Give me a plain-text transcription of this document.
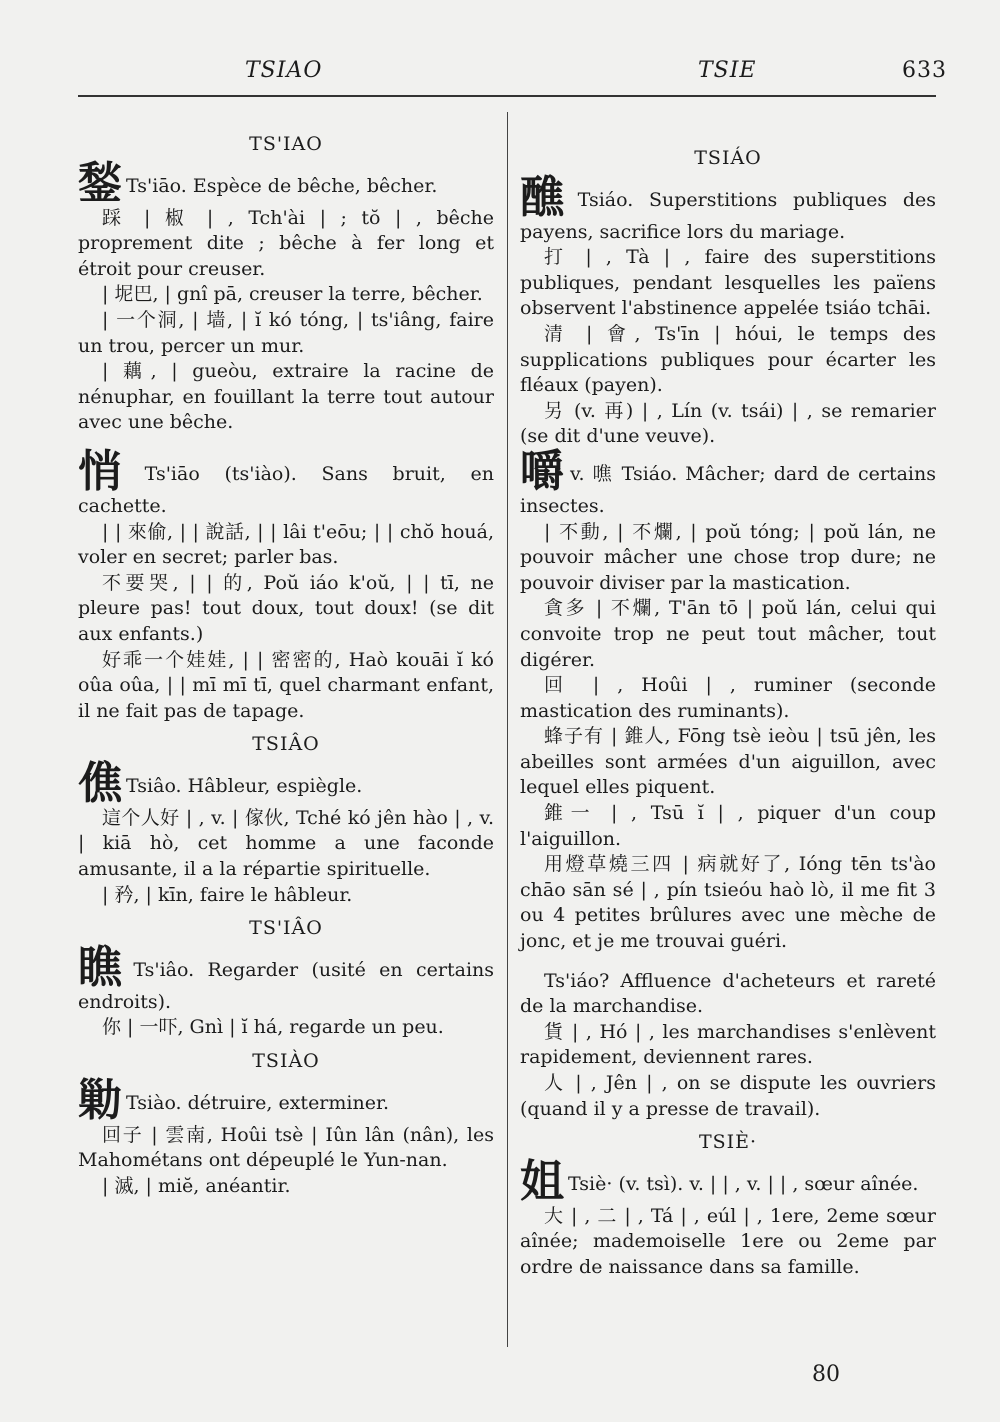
TSIAO	TSIE	633
TS'IAO

鍫 Ts'iāo. Espèce de bêche, bêcher.

踩 | 椒 | , Tch'ài | ; tŏ | , bêche proprement dite ; bêche à fer long et étroit pour creuser.

| 坭巴, | gnî pā, creuser la terre, bêcher.

| 一个洞, | 墙, | ĭ kó tóng, | ts'iâng, faire un trou, percer un mur.

| 藕, | gueòu, extraire la racine de nénuphar, en fouillant la terre tout autour avec une bêche.

悄 Ts'iāo (ts'iào). Sans bruit, en cachette.

| | 來偷, | | 說話, | | lâi t'eōu; | | chŏ houá, voler en secret; parler bas.

不要哭, | | 的, Poŭ iáo k'oŭ, | | tī, ne pleure pas! tout doux, tout doux! (se dit aux enfants.)

好乖一个娃娃, | | 密密的, Haò kouāi ĭ kó oûa oûa, | | mī mī tī, quel charmant enfant, il ne fait pas de tapage.

TSIÂO

僬 Tsiâo. Hâbleur, espiègle.

這个人好 | , v. | 傢伙, Tché kó jên hào | , v. | kiā hò, cet homme a une faconde amusante, il a la répartie spirituelle.

| 矜, | kīn, faire le hâbleur.

TS'IÂO

瞧 Ts'iâo. Regarder (usité en certains endroits).

你 | 一吓, Gnì | ĭ há, regarde un peu.

TSIÀO

勦 Tsiào. détruire, exterminer.

回子 | 雲南, Hoûi tsè | Iûn lân (nân), les Mahométans ont dépeuplé le Yun-nan.

| 滅, | miĕ, anéantir.

TSIÁO

醮 Tsiáo. Superstitions publiques des payens, sacrifice lors du mariage.

打 | , Tà | , faire des superstitions publiques, pendant lesquelles les païens observent l'abstinence appelée tsiáo tchāi.

清 | 會, Ts'īn | hóui, le temps des supplications publiques pour écarter les fléaux (payen).

另 (v. 再) | , Lín (v. tsái) | , se remarier (se dit d'une veuve).

嚼v. 噍 Tsiáo. Mâcher; dard de certains insectes.

| 不動, | 不爛, | poŭ tóng; | poŭ lán, ne pouvoir mâcher une chose trop dure; ne pouvoir diviser par la mastication.

貪多 | 不爛, T'ān tō | poŭ lán, celui qui convoite trop ne peut tout mâcher, tout digérer.

回 | , Hoûi | , ruminer (seconde mastication des ruminants).

蜂子有 | 錐人, Fōng tsè ieòu | tsū jên, les abeilles sont armées d'un aiguillon, avec lequel elles piquent.

錐一 | , Tsū ĭ | , piquer d'un coup l'aiguillon.

用燈草燒三四 | 病就好了, Ióng tēn ts'ào chāo sān sé | , pín tsieóu haò lò, il me fit 3 ou 4 petites brûlures avec une mèche de jonc, et je me trouvai guéri.

Ts'iáo? Affluence d'acheteurs et rareté de la marchandise.

貨 | , Hó | , les marchandises s'enlèvent rapidement, deviennent rares.

人 | , Jên | , on se dispute les ouvriers (quand il y a presse de travail).

TSIÈ·

姐 Tsiè· (v. tsì). v. | | , v. | | , sœur aînée.

大 | , 二 | , Tá | , eúl | , 1ere, 2eme sœur aînée; mademoiselle 1ere ou 2eme par ordre de naissance dans sa famille.

80
